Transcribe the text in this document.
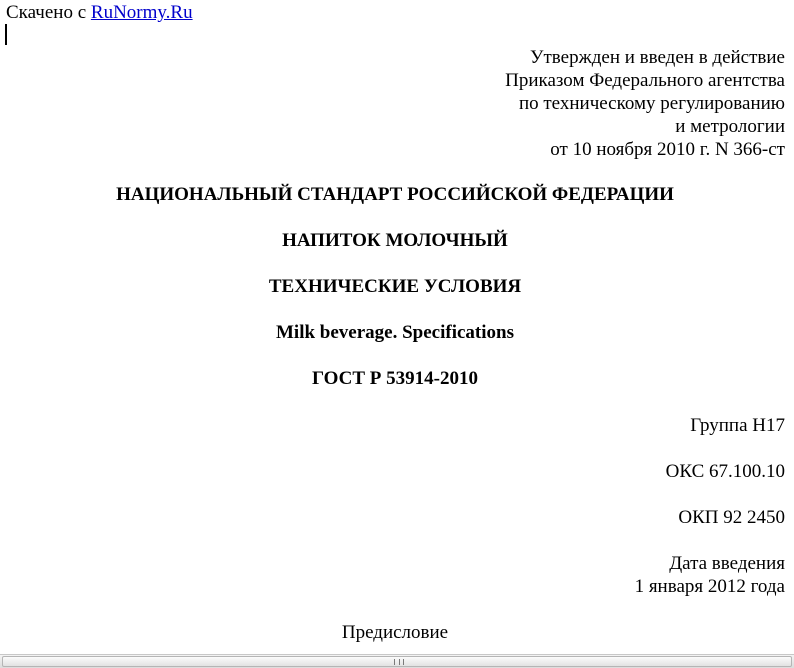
Скачено с RuNormy.Ru
Утвержден и введен в действие
Приказом Федерального агентства
по техническому регулированию
и метрологии
от 10 ноября 2010 г. N 366-ст
НАЦИОНАЛЬНЫЙ СТАНДАРТ РОССИЙСКОЙ ФЕДЕРАЦИИ
НАПИТОК МОЛОЧНЫЙ
ТЕХНИЧЕСКИЕ УСЛОВИЯ
Milk beverage. Specifications
ГОСТ Р 53914-2010
Группа Н17
ОКС 67.100.10
ОКП 92 2450
Дата введения
1 января 2012 года
Предисловие
